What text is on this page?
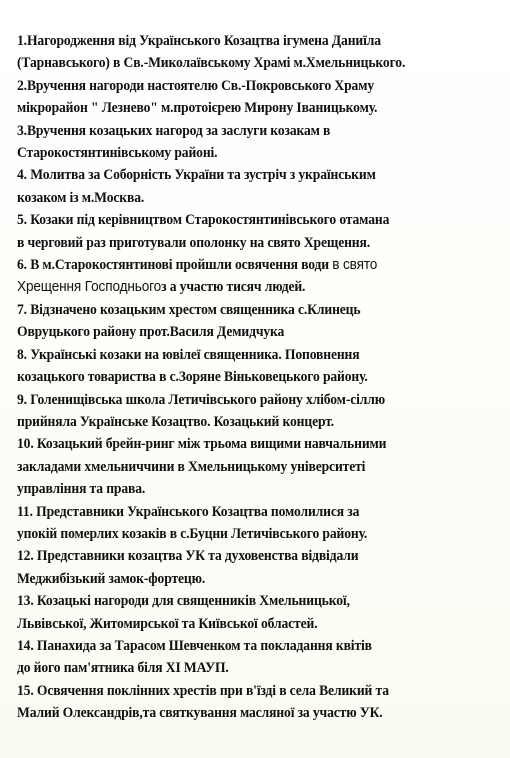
1.Нагородження від Українського Козацтва ігумена Даниїла
(Тарнавського) в Св.-Миколаївському Храмі м.Хмельницького.
2.Вручення нагороди настоятелю Св.-Покровського Храму
мікрорайон " Лезнево" м.протоієрею Мирону Іваницькому.
3.Вручення козацьких нагород за заслуги козакам в
Старокостянтинівському районі.
4. Молитва за Соборність України та зустріч з українським
козаком із м.Москва.
5. Козаки під керівництвом Старокостянтинівського отамана
в черговий раз приготували ополонку на свято Хрещення.
6. В м.Старокостянтинові пройшли освячення води в свято
Хрещення Господньогоз а участю тисяч людей.
7. Відзначено козацьким хрестом священника с.Клинець
Овруцького району прот.Василя Демидчука
8. Українські козаки на ювілеї священника. Поповнення
козацького товариства в с.Зоряне Віньковецького району.
9. Голенищівська школа Летичівського району хлібом-сіллю
прийняла Українське Козацтво. Козацький концерт.
10. Козацький брейн-ринг між трьома вищими навчальними
закладами хмельниччини в Хмельницькому університеті
управління та права.
11. Представники Українського Козацтва помолилися за
упокій померлих козаків в с.Буцни Летичівського району.
12. Представники козацтва УК та духовенства відвідали
Меджибізький замок-фортецю.
13. Козацькі нагороди для священників Хмельницької,
Львівської, Житомирської та Київської областей.
14. Панахида за Тарасом Шевченком та покладання квітів
до його пам'ятника біля ХІ МАУП.
15. Освячення поклінних хрестів при в'їзді в села Великий та
Малий Олександрів,та святкування масляної за участю УК.
